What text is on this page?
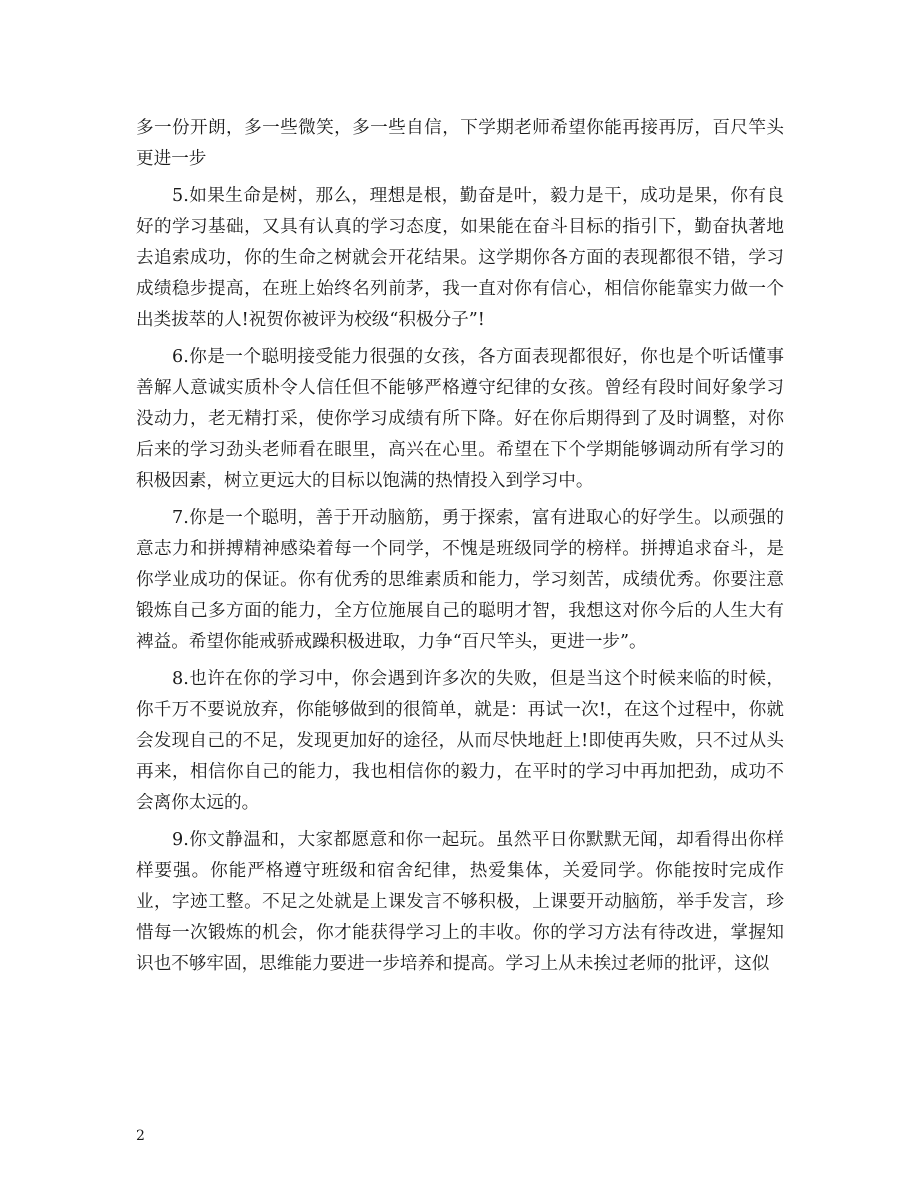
多一份开朗，多一些微笑，多一些自信，下学期老师希望你能再接再厉，百尺竿头更进一步

5.如果生命是树，那么，理想是根，勤奋是叶，毅力是干，成功是果，你有良好的学习基础，又具有认真的学习态度，如果能在奋斗目标的指引下，勤奋执著地去追索成功，你的生命之树就会开花结果。这学期你各方面的表现都很不错，学习成绩稳步提高，在班上始终名列前茅，我一直对你有信心，相信你能靠实力做一个出类拔萃的人!祝贺你被评为校级“积极分子”!

6.你是一个聪明接受能力很强的女孩，各方面表现都很好，你也是个听话懂事善解人意诚实质朴令人信任但不能够严格遵守纪律的女孩。曾经有段时间好象学习没动力，老无精打采，使你学习成绩有所下降。好在你后期得到了及时调整，对你后来的学习劲头老师看在眼里，高兴在心里。希望在下个学期能够调动所有学习的积极因素，树立更远大的目标以饱满的热情投入到学习中。

7.你是一个聪明，善于开动脑筋，勇于探索，富有进取心的好学生。以顽强的意志力和拼搏精神感染着每一个同学，不愧是班级同学的榜样。拼搏追求奋斗，是你学业成功的保证。你有优秀的思维素质和能力，学习刻苦，成绩优秀。你要注意锻炼自己多方面的能力，全方位施展自己的聪明才智，我想这对你今后的人生大有裨益。希望你能戒骄戒躁积极进取，力争“百尺竿头，更进一步”。

8.也许在你的学习中，你会遇到许多次的失败，但是当这个时候来临的时候，你千万不要说放弃，你能够做到的很简单，就是：再试一次!，在这个过程中，你就会发现自己的不足，发现更加好的途径，从而尽快地赶上!即使再失败，只不过从头再来，相信你自己的能力，我也相信你的毅力，在平时的学习中再加把劲，成功不会离你太远的。

9.你文静温和，大家都愿意和你一起玩。虽然平日你默默无闻，却看得出你样样要强。你能严格遵守班级和宿舍纪律，热爱集体，关爱同学。你能按时完成作业，字迹工整。不足之处就是上课发言不够积极，上课要开动脑筋，举手发言，珍惜每一次锻炼的机会，你才能获得学习上的丰收。你的学习方法有待改进，掌握知识也不够牢固，思维能力要进一步培养和提高。学习上从未挨过老师的批评，这似

2
